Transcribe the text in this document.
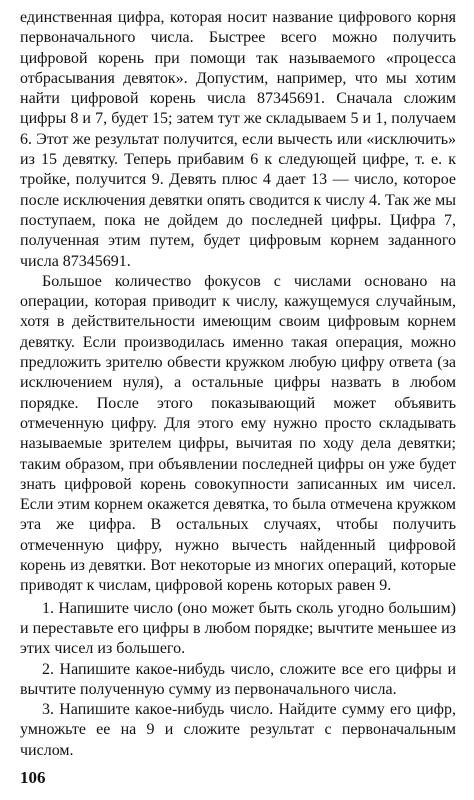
единственная цифра, которая носит название цифрового корня первоначального числа. Быстрее всего можно получить цифровой корень при помощи так называемого «процесса отбрасывания девяток». Допустим, например, что мы хотим найти цифровой корень числа 87345691. Сначала сложим цифры 8 и 7, будет 15; затем тут же складываем 5 и 1, получаем 6. Этот же результат получится, если вычесть или «исключить» из 15 девятку. Теперь прибавим 6 к следующей цифре, т. е. к тройке, получится 9. Девять плюс 4 дает 13 — число, которое после исключения девятки опять сводится к числу 4. Так же мы поступаем, пока не дойдем до последней цифры. Цифра 7, полученная этим путем, будет цифровым корнем заданного числа 87345691.

Большое количество фокусов с числами основано на операции, которая приводит к числу, кажущемуся случайным, хотя в действительности имеющим своим цифровым корнем девятку. Если производилась именно такая операция, можно предложить зрителю обвести кружком любую цифру ответа (за исключением нуля), а остальные цифры назвать в любом порядке. После этого показывающий может объявить отмеченную цифру. Для этого ему нужно просто складывать называемые зрителем цифры, вычитая по ходу дела девятки; таким образом, при объявлении последней цифры он уже будет знать цифровой корень совокупности записанных им чисел. Если этим корнем окажется девятка, то была отмечена кружком эта же цифра. В остальных случаях, чтобы получить отмеченную цифру, нужно вычесть найденный цифровой корень из девятки. Вот некоторые из многих операций, которые приводят к числам, цифровой корень которых равен 9.

1. Напишите число (оно может быть сколь угодно большим) и переставьте его цифры в любом порядке; вычтите меньшее из этих чисел из большего.

2. Напишите какое-нибудь число, сложите все его цифры и вычтите полученную сумму из первоначального числа.

3. Напишите какое-нибудь число. Найдите сумму его цифр, умножьте ее на 9 и сложите результат с первоначальным числом.

106
